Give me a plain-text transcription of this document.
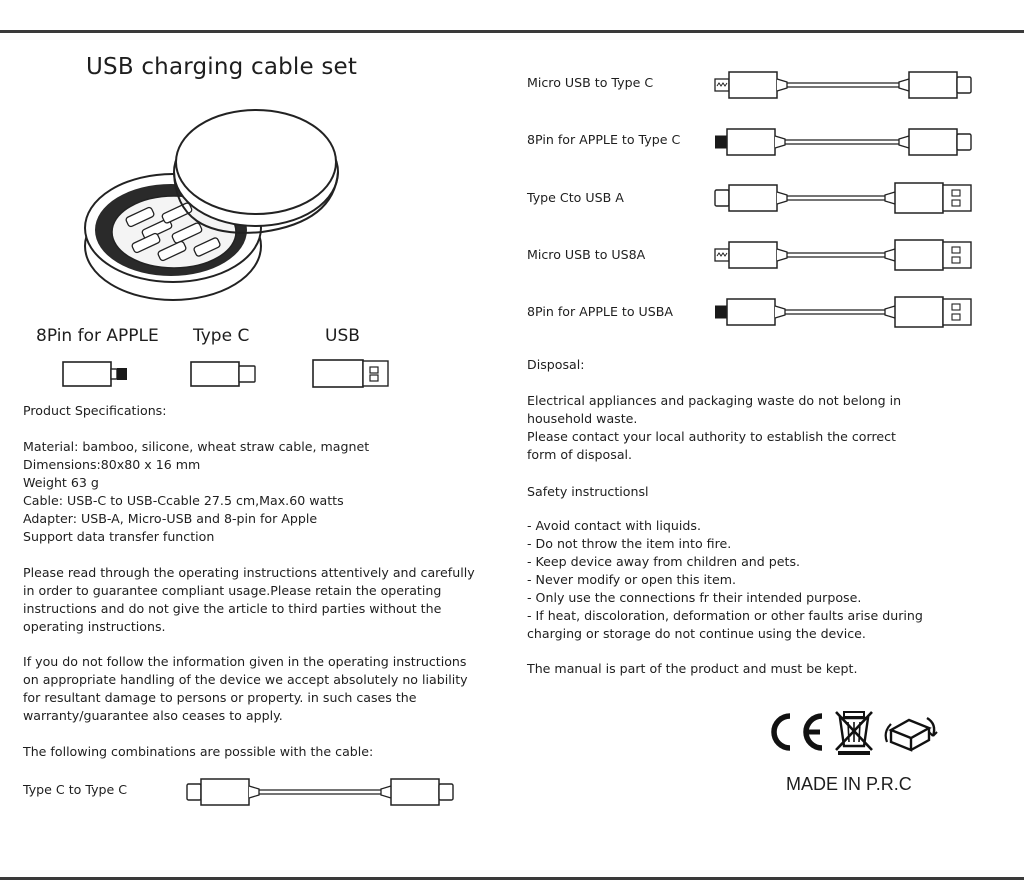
USB charging cable set
8Pin for APPLE Type C	USB
Product Specifications:
Material: bamboo, silicone, wheat straw cable, magnet
Dimensions:80x80 x 16 mm
Weight 63 g
Cable: USB-C to USB-Ccable 27.5 cm,Max.60 watts
Adapter: USB-A, Micro-USB and 8-pin for Apple
Support data transfer function
Please read through the operating instructions attentively and carefully
in order to guarantee compliant usage.Please retain the operating
instructions and do not give the article to third parties without the
operating instructions.
If you do not follow the information given in the operating instructions
on appropriate handling of the device we accept absolutely no liability
for resultant damage to persons or property. in such cases the
warranty/guarantee also ceases to apply.
The following combinations are possible with the cable:
Type C to Type C
Micro USB to Type C
8Pin for APPLE to Type C
Type Cto USB A
Micro USB to US8A
8Pin for APPLE to USBA
Disposal:
Electrical appliances and packaging waste do not belong in
household waste.
Please contact your local authority to establish the correct
form of disposal.
Safety instructionsl
- Avoid contact with liquids.
- Do not throw the item into fire.
- Keep device away from children and pets.
- Never modify or open this item.
- Only use the connections fr their intended purpose.
- If heat, discoloration, deformation or other faults arise during
charging or storage do not continue using the device.
The manual is part of the product and must be kept.
MADE IN P.R.C
